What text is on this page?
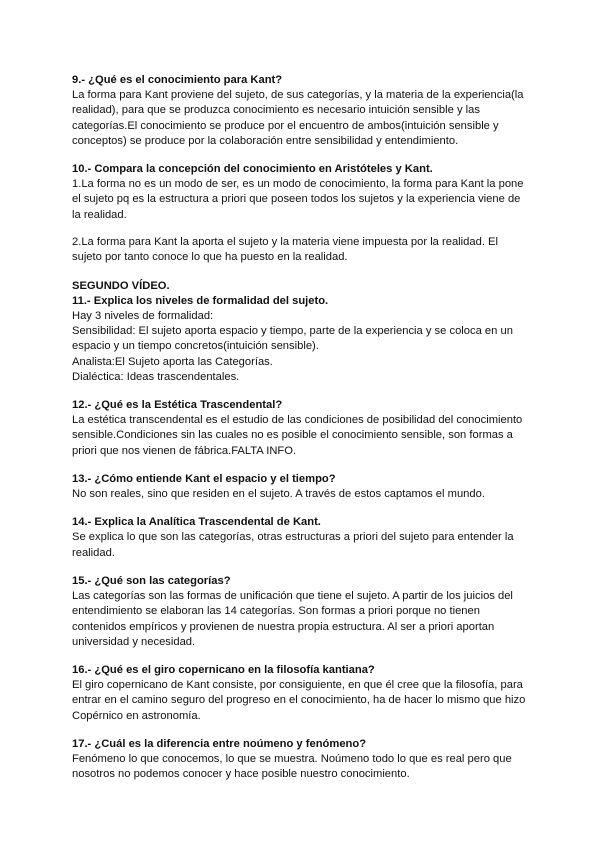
9.- ¿Qué es el conocimiento para Kant?

La forma para Kant proviene del sujeto, de sus categorías, y la materia de la experiencia(la realidad), para que se produzca conocimiento es necesario intuición sensible y las categorías.El conocimiento se produce por el encuentro de ambos(intuición sensible y conceptos) se produce por la colaboración entre sensibilidad y entendimiento.

10.- Compara la concepción del conocimiento en Aristóteles y Kant.

1.La forma no es un modo de ser, es un modo de conocimiento, la forma para Kant la pone el sujeto pq es la estructura a priori que poseen todos los sujetos y la experiencia viene de la realidad.

2.La forma para Kant la aporta el sujeto y la materia viene impuesta por la realidad. El sujeto por tanto conoce lo que ha puesto en la realidad.

SEGUNDO VÍDEO.

11.- Explica los niveles de formalidad del sujeto.

Hay 3 niveles de formalidad:

Sensibilidad: El sujeto aporta espacio y tiempo, parte de la experiencia y se coloca en un espacio y un tiempo concretos(intuición sensible).

Analista:El Sujeto aporta las Categorías.

Dialéctica: Ideas trascendentales.

12.- ¿Qué es la Estética Trascendental?

La estética transcendental es el estudio de las condiciones de posibilidad del conocimiento sensible.Condiciones sin las cuales no es posible el conocimiento sensible, son formas a priori que nos vienen de fábrica.FALTA INFO.

13.- ¿Cómo entiende Kant el espacio y el tiempo?

No son reales, sino que residen en el sujeto. A través de estos captamos el mundo.

14.- Explica la Analítica Trascendental de Kant.

Se explica lo que son las categorías, otras estructuras a priori del sujeto para entender la realidad.

15.- ¿Qué son las categorías?

Las categorías son las formas de unificación que tiene el sujeto. A partir de los juicios del entendimiento se elaboran las 14 categorías. Son formas a priori porque no tienen contenidos empíricos y provienen de nuestra propia estructura. Al ser a priori aportan universidad y necesidad.

16.- ¿Qué es el giro copernicano en la filosofía kantiana?

El giro copernicano de Kant consiste, por consiguiente, en que él cree que la filosofía, para entrar en el camino seguro del progreso en el conocimiento, ha de hacer lo mismo que hizo Copérnico en astronomía.

17.- ¿Cuál es la diferencia entre noúmeno y fenómeno?

Fenómeno lo que conocemos, lo que se muestra. Noúmeno todo lo que es real pero que nosotros no podemos conocer y hace posible nuestro conocimiento.
